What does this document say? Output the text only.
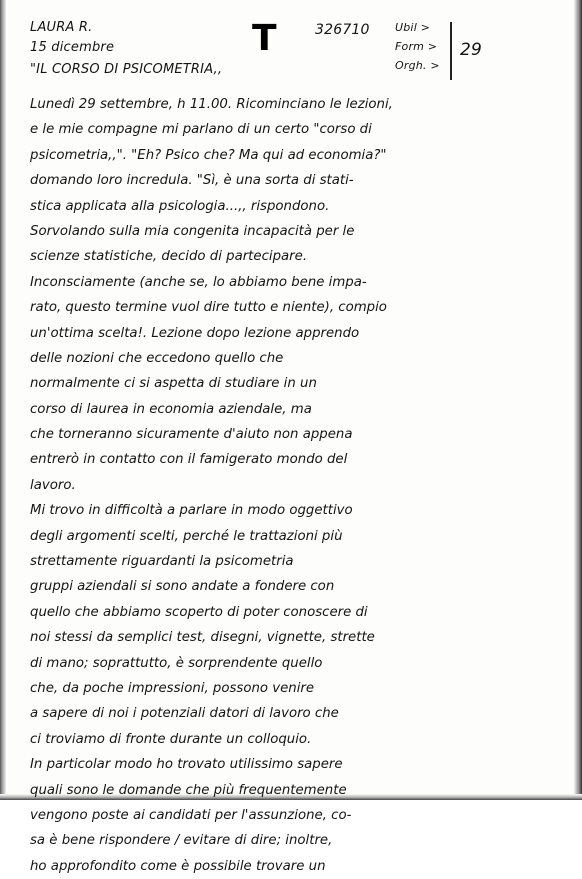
LAURA R.
15 dicembre
"IL CORSO DI PSICOMETRIA,,
T	326710 Ubil >
Form >
Orgh. >
29
Lunedì 29 settembre, h 11.00. Ricominciano le lezioni,
e le mie compagne mi parlano di un certo "corso di
psicometria,,". "Eh? Psico che? Ma qui ad economia?"
domando loro incredula. "Sì, è una sorta di stati-
stica applicata alla psicologia...,, rispondono.
Sorvolando sulla mia congenita incapacità per le
scienze statistiche, decido di partecipare.
Inconsciamente (anche se, lo abbiamo bene impa-
rato, questo termine vuol dire tutto e niente), compio
un'ottima scelta!. Lezione dopo lezione apprendo
delle nozioni che eccedono quello che
normalmente ci si aspetta di studiare in un
corso di laurea in economia aziendale, ma
che torneranno sicuramente d'aiuto non appena
entrerò in contatto con il famigerato mondo del
lavoro.
Mi trovo in difficoltà a parlare in modo oggettivo
degli argomenti scelti, perché le trattazioni più
strettamente riguardanti la psicometria
gruppi aziendali si sono andate a fondere con
quello che abbiamo scoperto di poter conoscere di
noi stessi da semplici test, disegni, vignette, strette
di mano; soprattutto, è sorprendente quello
che, da poche impressioni, possono venire
a sapere di noi i potenziali datori di lavoro che
ci troviamo di fronte durante un colloquio.
In particolar modo ho trovato utilissimo sapere
quali sono le domande che più frequentemente
vengono poste ai candidati per l'assunzione, co-
sa è bene rispondere / evitare di dire; inoltre,
ho approfondito come è possibile trovare un
